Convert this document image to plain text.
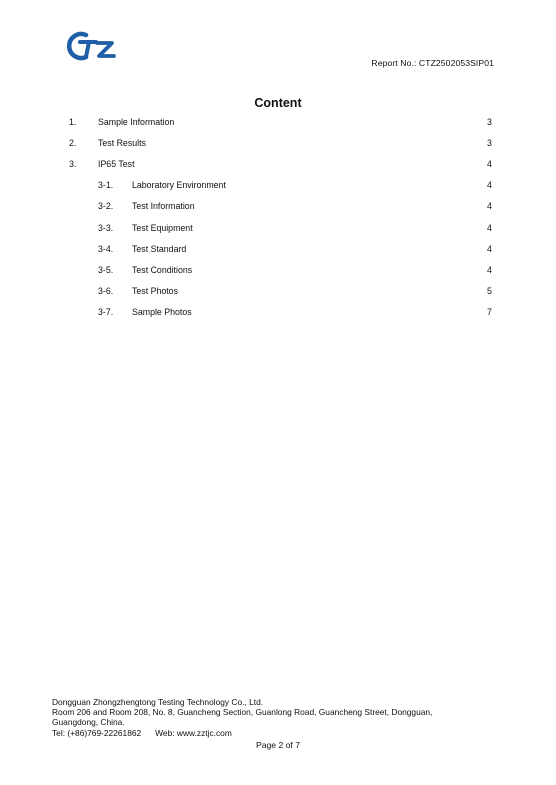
Report No.: CTZ2502053SIP01
Content
1. Sample Information	3
2. Test Results	3
3. IP65 Test	4
3-1. Laboratory Environment	4
3-2. Test Information	4
3-3. Test Equipment	4
3-4. Test Standard	4
3-5. Test Conditions	4
3-6. Test Photos	5
3-7. Sample Photos	7
Dongguan Zhongzhengtong Testing Technology Co., Ltd.
Room 206 and Room 208, No. 8, Guancheng Section, Guanlong Road, Guancheng Street, Dongguan,
Guangdong, China.
Tel: (+86)769-22261862 Web: www.zztjc.com
Page 2 of 7
